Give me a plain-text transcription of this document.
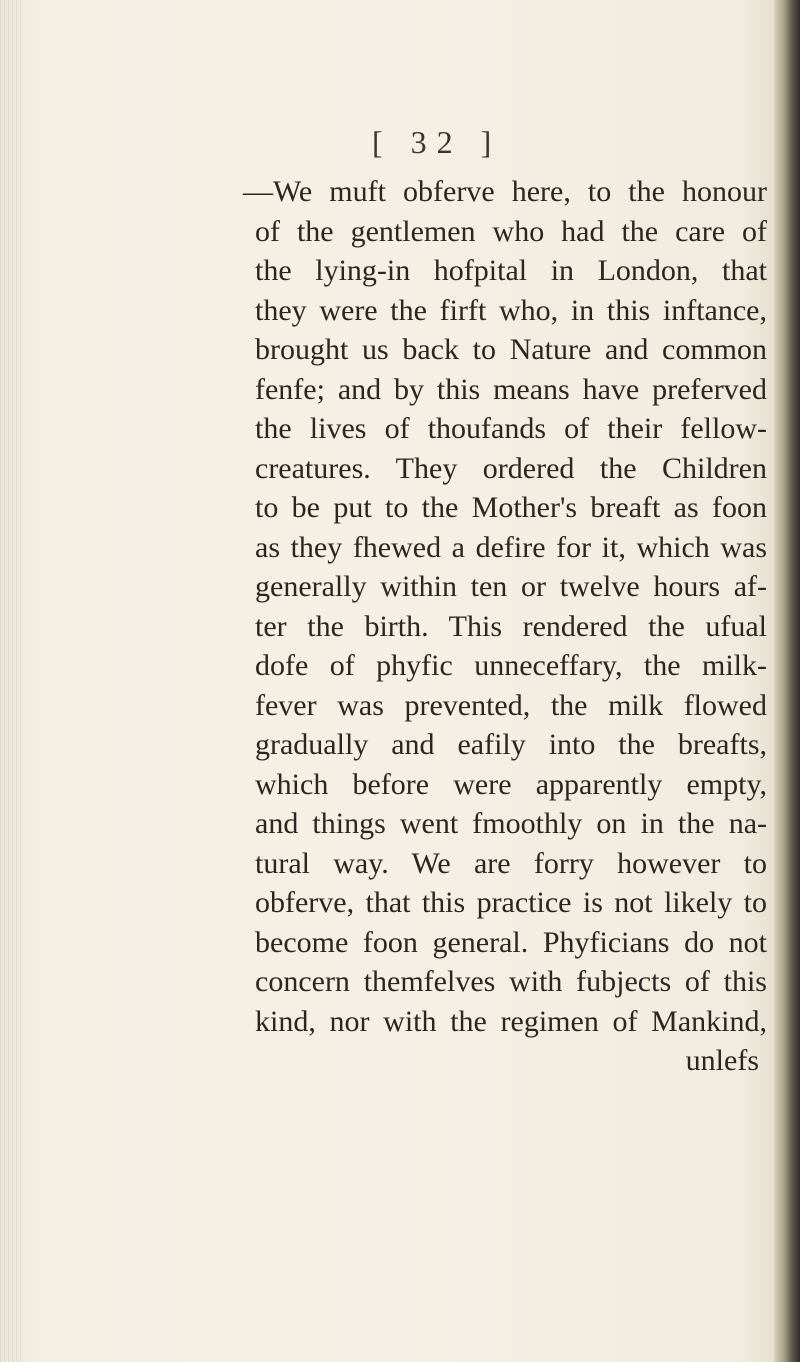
[ 32 ]
—We muft obferve here, to the honour
of the gentlemen who had the care of
the lying-in hofpital in London, that
they were the firft who, in this inftance,
brought us back to Nature and common
fenfe; and by this means have preferved
the lives of thoufands of their fellow-
creatures. They ordered the Children
to be put to the Mother's breaft as foon
as they fhewed a defire for it, which was
generally within ten or twelve hours af-
ter the birth. This rendered the ufual
dofe of phyfic unneceffary, the milk-
fever was prevented, the milk flowed
gradually and eafily into the breafts,
which before were apparently empty,
and things went fmoothly on in the na-
tural way. We are forry however to
obferve, that this practice is not likely to
become foon general. Phyficians do not
concern themfelves with fubjects of this
kind, nor with the regimen of Mankind,
unlefs
